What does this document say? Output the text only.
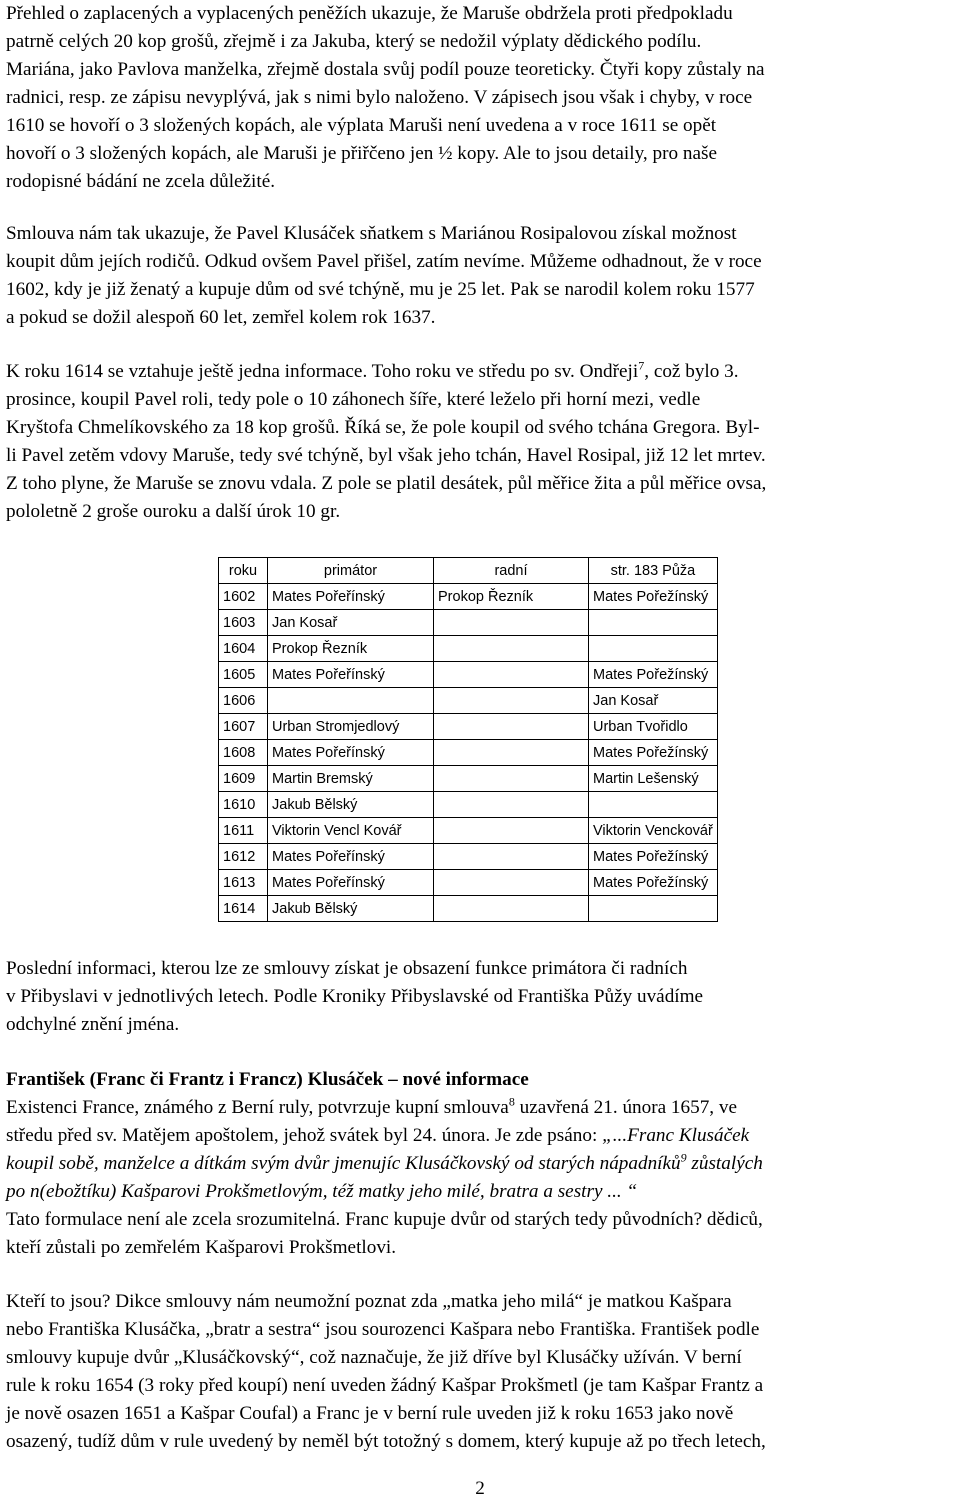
Přehled o zaplacených a vyplacených peněžích ukazuje, že Maruše obdržela proti předpokladu

patrně celých 20 kop grošů, zřejmě i za Jakuba, který se nedožil výplaty dědického podílu.

Mariána, jako Pavlova manželka, zřejmě dostala svůj podíl pouze teoreticky. Čtyři kopy zůstaly na

radnici, resp. ze zápisu nevyplývá, jak s nimi bylo naloženo. V zápisech jsou však i chyby, v roce

1610 se hovoří o 3 složených kopách, ale výplata Maruši není uvedena a v roce 1611 se opět

hovoří o 3 složených kopách, ale Maruši je přiřčeno jen ½ kopy. Ale to jsou detaily, pro naše

rodopisné bádání ne zcela důležité.

Smlouva nám tak ukazuje, že Pavel Klusáček sňatkem s Mariánou Rosipalovou získal možnost

koupit dům jejích rodičů. Odkud ovšem Pavel přišel, zatím nevíme. Můžeme odhadnout, že v roce

1602, kdy je již ženatý a kupuje dům od své tchýně, mu je 25 let. Pak se narodil kolem roku 1577

a pokud se dožil alespoň 60 let, zemřel kolem rok 1637.

K roku 1614 se vztahuje ještě jedna informace. Toho roku ve středu po sv. Ondřeji$^7$, což bylo 3.

prosince, koupil Pavel roli, tedy pole o 10 záhonech šíře, které leželo při horní mezi, vedle

Kryštofa Chmelíkovského za 18 kop grošů. Říká se, že pole koupil od svého tchána Gregora. Byl-

li Pavel zetěm vdovy Maruše, tedy své tchýně, byl však jeho tchán, Havel Rosipal, již 12 let mrtev.

Z toho plyne, že Maruše se znovu vdala. Z pole se platil desátek, půl měřice žita a půl měřice ovsa,

pololetně 2 groše ouroku a další úrok 10 gr.

roku	primátor	radní	str. 183 Půža
1602	Mates Pořeřínský	Prokop Řezník	Mates Pořežínský
1603	Jan Kosař		
1604	Prokop Řezník		
1605	Mates Pořeřínský		Mates Pořežínský
1606			Jan Kosař
1607	Urban Stromjedlový		Urban Tvořidlo
1608	Mates Pořeřínský		Mates Pořežínský
1609	Martin Bremský		Martin Lešenský
1610	Jakub Bělský		
1611	Viktorin Vencl Kovář		Viktorin Venckovář
1612	Mates Pořeřínský		Mates Pořežínský
1613	Mates Pořeřínský		Mates Pořežínský
1614	Jakub Bělský		

Poslední informaci, kterou lze ze smlouvy získat je obsazení funkce primátora či radních

v Přibyslavi v jednotlivých letech. Podle Kroniky Přibyslavské od Františka Půžy uvádíme

odchylné znění jména.

František (Franc či Frantz i Francz) Klusáček – nové informace

Existenci France, známého z Berní ruly, potvrzuje kupní smlouva$^8$ uzavřená 21. února 1657, ve

středu před sv. Matějem apoštolem, jehož svátek byl 24. února. Je zde psáno: „...Franc Klusáček

koupil sobě, manželce a dítkám svým dvůr jmenujíc Klusáčkovský od starých nápadníků$^9$ zůstalých

po n(ebožtíku) Kašparovi Prokšmetlovým, též matky jeho milé, bratra a sestry ... “

Tato formulace není ale zcela srozumitelná. Franc kupuje dvůr od starých tedy původních? dědiců,

kteří zůstali po zemřelém Kašparovi Prokšmetlovi.

Kteří to jsou? Dikce smlouvy nám neumožní poznat zda „matka jeho milá“ je matkou Kašpara

nebo Františka Klusáčka, „bratr a sestra“ jsou sourozenci Kašpara nebo Františka. František podle

smlouvy kupuje dvůr „Klusáčkovský“, což naznačuje, že již dříve byl Klusáčky užíván. V berní

rule k roku 1654 (3 roky před koupí) není uveden žádný Kašpar Prokšmetl (je tam Kašpar Frantz a

je nově osazen 1651 a Kašpar Coufal) a Franc je v berní rule uveden již k roku 1653 jako nově

osazený, tudíž dům v rule uvedený by neměl být totožný s domem, který kupuje až po třech letech,

2
